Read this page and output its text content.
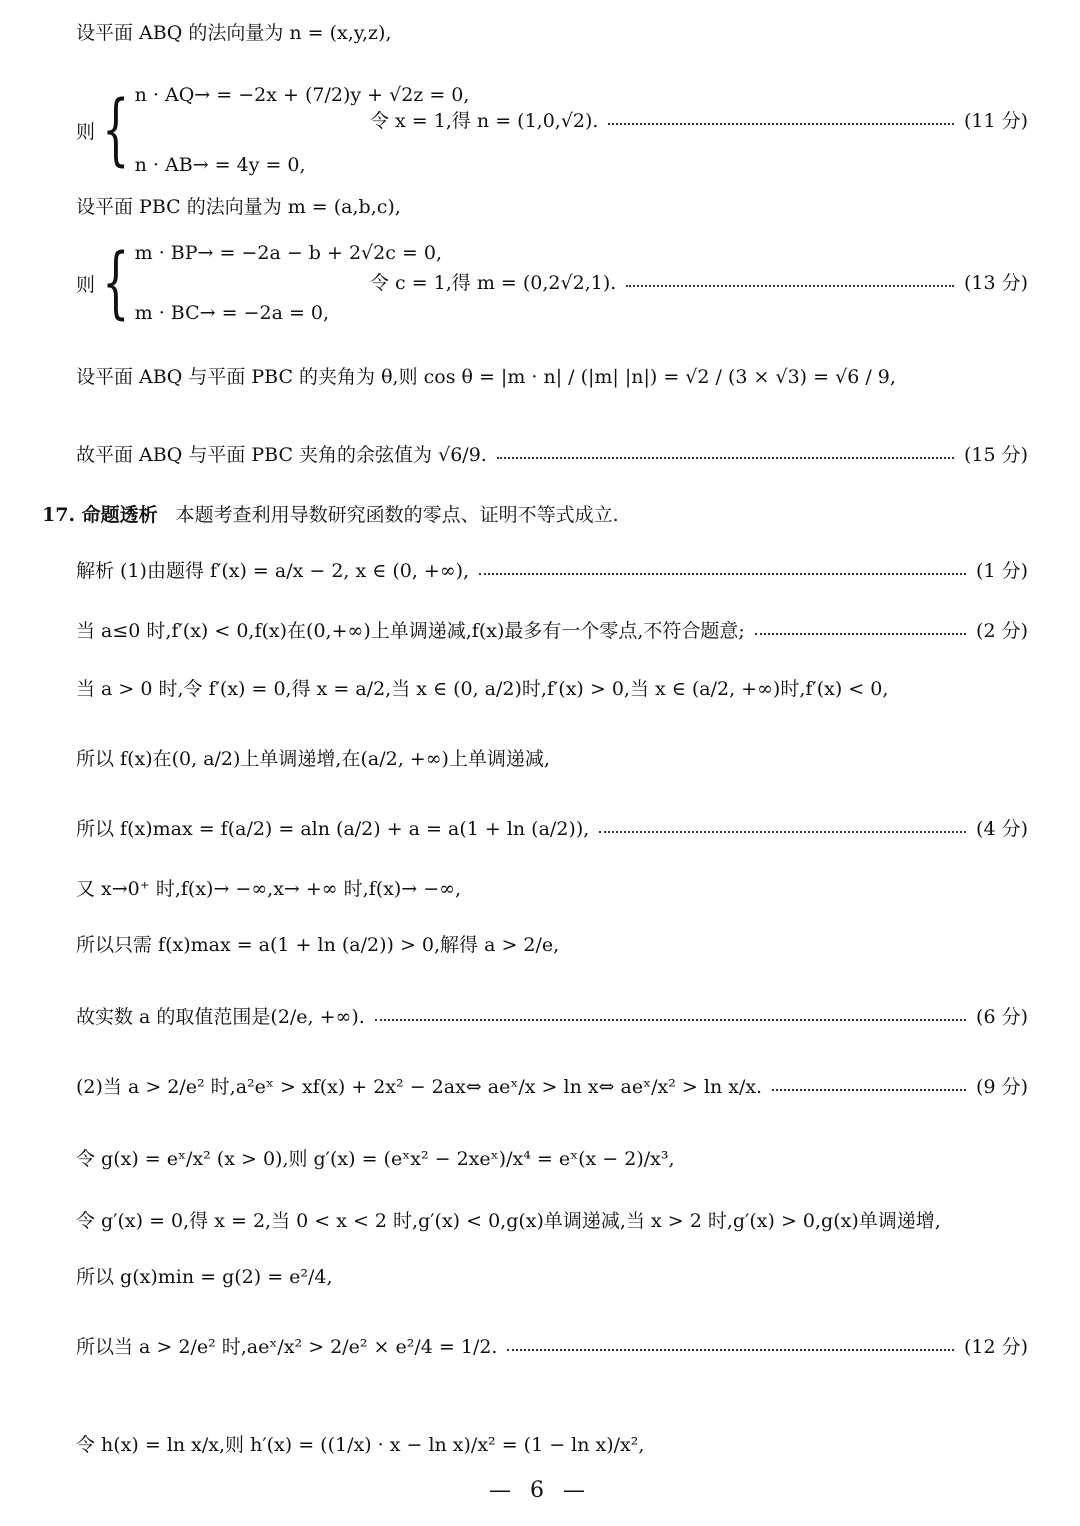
设平面 ABQ 的法向量为 n = (x,y,z),
则 { n · AQ→ = −2x + (7/2)y + √2z = 0,
n · AB→ = 4y = 0,
令 x = 1,得 n = (1,0,√2).	(11 分)
设平面 PBC 的法向量为 m = (a,b,c),
则 { m · BP→ = −2a − b + 2√2c = 0,
m · BC→ = −2a = 0,
令 c = 1,得 m = (0,2√2,1).	(13 分)
设平面 ABQ 与平面 PBC 的夹角为 θ,则 cos θ = |m · n| / (|m| |n|) = √2 / (3 × √3) = √6 / 9,
故平面 ABQ 与平面 PBC 夹角的余弦值为 √6/9.	(15 分)
17. 命题透析 本题考查利用导数研究函数的零点、证明不等式成立.
解析 (1)由题得 f′(x) = a/x − 2, x ∈ (0, +∞),	(1 分)
当 a≤0 时,f′(x) < 0,f(x)在(0,+∞)上单调递减,f(x)最多有一个零点,不符合题意;	(2 分)
当 a > 0 时,令 f′(x) = 0,得 x = a/2,当 x ∈ (0, a/2)时,f′(x) > 0,当 x ∈ (a/2, +∞)时,f′(x) < 0,
所以 f(x)在(0, a/2)上单调递增,在(a/2, +∞)上单调递减,
所以 f(x)max = f(a/2) = aln (a/2) + a = a(1 + ln (a/2)),	(4 分)
又 x→0⁺ 时,f(x)→ −∞,x→ +∞ 时,f(x)→ −∞,
所以只需 f(x)max = a(1 + ln (a/2)) > 0,解得 a > 2/e,
故实数 a 的取值范围是(2/e, +∞).	(6 分)
(2)当 a > 2/e² 时,a²eˣ > xf(x) + 2x² − 2ax⇔ aeˣ/x > ln x⇔ aeˣ/x² > ln x/x.	(9 分)
令 g(x) = eˣ/x² (x > 0),则 g′(x) = (eˣx² − 2xeˣ)/x⁴ = eˣ(x − 2)/x³,
令 g′(x) = 0,得 x = 2,当 0 < x < 2 时,g′(x) < 0,g(x)单调递减,当 x > 2 时,g′(x) > 0,g(x)单调递增,
所以 g(x)min = g(2) = e²/4,
所以当 a > 2/e² 时,aeˣ/x² > 2/e² × e²/4 = 1/2.	(12 分)
令 h(x) = ln x/x,则 h′(x) = ((1/x) · x − ln x)/x² = (1 − ln x)/x²,
— 6 —
